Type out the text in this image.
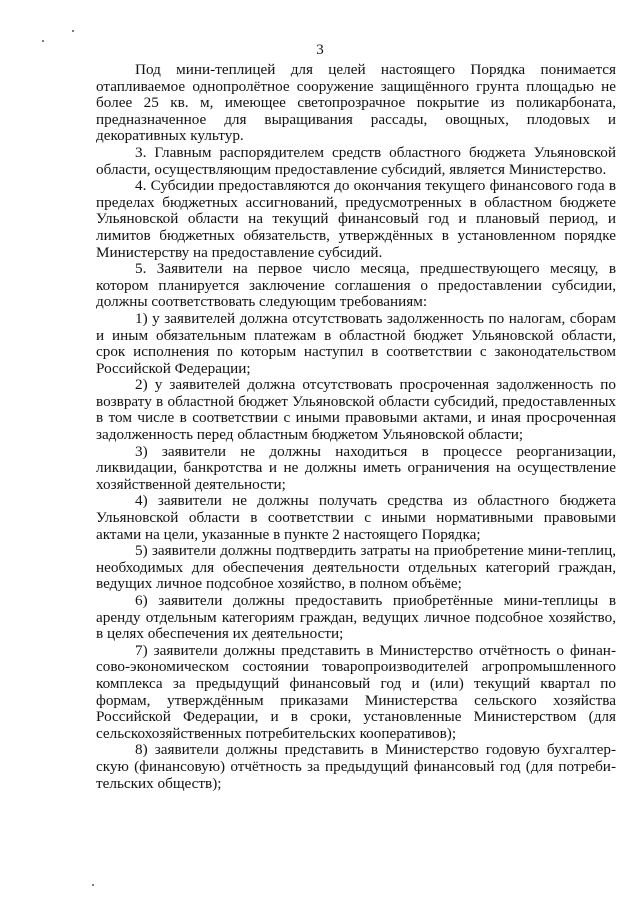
3

Под мини-теплицей для целей настоящего Порядка понимается отапливаемое однопролётное сооружение защищённого грунта площадью не более 25 кв. м, имеющее светопрозрачное покрытие из поликарбоната, предназначенное для выращивания рассады, овощных, плодовых и декоративных культур.

3. Главным распорядителем средств областного бюджета Ульяновской области, осуществляющим предоставление субсидий, является Министерство.

4. Субсидии предоставляются до окончания текущего финансового года в пределах бюджетных ассигнований, предусмотренных в областном бюджете Ульяновской области на текущий финансовый год и плановый период, и лимитов бюджетных обязательств, утверждённых в установленном порядке Министерству на предоставление субсидий.

5. Заявители на первое число месяца, предшествующего месяцу, в котором планируется заключение соглашения о предоставлении субсидии, должны соответствовать следующим требованиям:

1) у заявителей должна отсутствовать задолженность по налогам, сборам и иным обязательным платежам в областной бюджет Ульяновской области, срок исполнения по которым наступил в соответствии с законодательством Российской Федерации;

2) у заявителей должна отсутствовать просроченная задолженность по возврату в областной бюджет Ульяновской области субсидий, предоставленных в том числе в соответствии с иными правовыми актами, и иная просроченная задолженность перед областным бюджетом Ульяновской области;

3) заявители не должны находиться в процессе реорганизации, ликвидации, банкротства и не должны иметь ограничения на осуществление хозяйственной деятельности;

4) заявители не должны получать средства из областного бюджета Ульяновской области в соответствии с иными нормативными правовыми актами на цели, указанные в пункте 2 настоящего Порядка;

5) заявители должны подтвердить затраты на приобретение мини-теплиц, необходимых для обеспечения деятельности отдельных категорий граждан, ведущих личное подсобное хозяйство, в полном объёме;

6) заявители должны предоставить приобретённые мини-теплицы в аренду отдельным категориям граждан, ведущих личное подсобное хозяйство, в целях обеспечения их деятельности;

7) заявители должны представить в Министерство отчётность о финансово-экономическом состоянии товаропроизводителей агропромышленного комплекса за предыдущий финансовый год и (или) текущий квартал по формам, утверждённым приказами Министерства сельского хозяйства Российской Федерации, и в сроки, установленные Министерством (для сельскохозяйственных потребительских кооперативов);

8) заявители должны представить в Министерство годовую бухгалтерскую (финансовую) отчётность за предыдущий финансовый год (для потребительских обществ);
